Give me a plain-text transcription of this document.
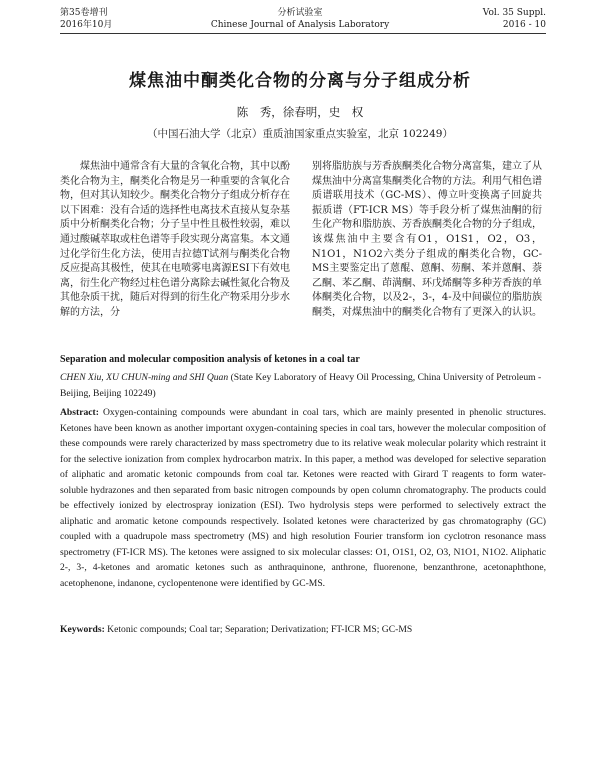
第35卷增刊
2016年10月
分析试验室
Chinese Journal of Analysis Laboratory
Vol. 35 Suppl.
2016 - 10
煤焦油中酮类化合物的分离与分子组成分析
陈　秀，徐春明，史　权
（中国石油大学（北京）重质油国家重点实验室，北京 102249）

煤焦油中通常含有大量的含氧化合物，其中以酚类化合物为主，酮类化合物是另一种重要的含氧化合物，但对其认知较少。酮类化合物分子组成分析存在以下困难：没有合适的选择性电离技术直接从复杂基质中分析酮类化合物；分子呈中性且极性较弱，难以通过酸碱萃取或柱色谱等手段实现分离富集。本文通过化学衍生化方法，使用吉拉德T试剂与酮类化合物反应提高其极性，使其在电喷雾电离源ESI下有效电离，衍生化产物经过柱色谱分离除去碱性氮化合物及其他杂质干扰，随后对得到的衍生化产物采用分步水解的方法，分

别将脂肪族与芳香族酮类化合物分离富集，建立了从煤焦油中分离富集酮类化合物的方法。利用气相色谱质谱联用技术（GC-MS）、傅立叶变换离子回旋共振质谱（FT-ICR MS）等手段分析了煤焦油酮的衍生化产物和脂肪族、芳香族酮类化合物的分子组成，该煤焦油中主要含有O1，O1S1，O2，O3，N1O1，N1O2六类分子组成的酮类化合物，GC-MS主要鉴定出了蒽醌、蒽酮、芴酮、苯并蒽酮、萘乙酮、苯乙酮、茚满酮、环戊烯酮等多种芳香族的单体酮类化合物，以及2-，3-，4-及中间碳位的脂肪族酮类，对煤焦油中的酮类化合物有了更深入的认识。

Separation and molecular composition analysis of ketones in a coal tar
CHEN Xiu, XU CHUN-ming and SHI Quan (State Key Laboratory of Heavy Oil Processing, China University of Petroleum - Beijing, Beijing 102249)
Abstract: Oxygen-containing compounds were abundant in coal tars, which are mainly presented in phenolic structures. Ketones have been known as another important oxygen-containing species in coal tars, however the molecular composition of these compounds were rarely characterized by mass spectrometry due to its relative weak molecular polarity which restraint it for the selective ionization from complex hydrocarbon matrix. In this paper, a method was developed for selective separation of aliphatic and aromatic ketonic compounds from coal tar. Ketones were reacted with Girard T reagents to form water-soluble hydrazones and then separated from basic nitrogen compounds by open column chromatography. The products could be effectively ionized by electrospray ionization (ESI). Two hydrolysis steps were performed to selectively extract the aliphatic and aromatic ketone compounds respectively. Isolated ketones were characterized by gas chromatography (GC) coupled with a quadrupole mass spectrometry (MS) and high resolution Fourier transform ion cyclotron resonance mass spectrometry (FT-ICR MS). The ketones were assigned to six molecular classes: O1, O1S1, O2, O3, N1O1, N1O2. Aliphatic 2-, 3-, 4-ketones and aromatic ketones such as anthraquinone, anthrone, fluorenone, benzanthrone, acetonaphthone, acetophenone, indanone, cyclopentenone were identified by GC-MS.
Keywords: Ketonic compounds; Coal tar; Separation; Derivatization; FT-ICR MS; GC-MS
